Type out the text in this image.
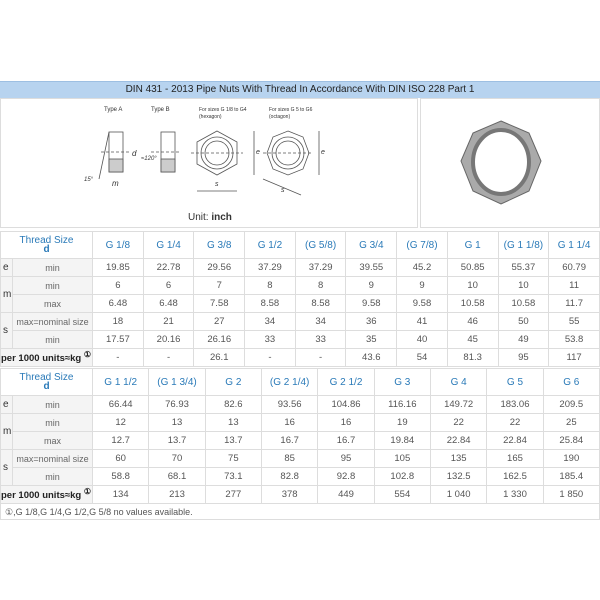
DIN 431 - 2013 Pipe Nuts With Thread In Accordance With DIN ISO 228 Part 1
Type A	Type B	For sizes G 1/8 to G4
(hexagon)
For sizes G 5 to G6
(octagon)
d
m
15°
≈120°
e	e
s
s
Unit: inch
Thread Size
d		G 1/8	G 1/4	G 3/8	G 1/2	(G 5/8)	G 3/4	(G 7/8)	G 1	(G 1 1/8)	G 1 1/4
e	min	19.85	22.78	29.56	37.29	37.29	39.55	45.2	50.85	55.37	60.79
m	min	6	6	7	8	8	9	9	10	10	11
	max	6.48	6.48	7.58	8.58	8.58	9.58	9.58	10.58	10.58	11.7
s	max=nominal size	18	21	27	34	34	36	41	46	50	55
	min	17.57	20.16	26.16	33	33	35	40	45	49	53.8
per 1000 units≈kg ①		-	-	26.1	-	-	43.6	54	81.3	95	117
Thread Size
d		G 1 1/2	(G 1 3/4)	G 2	(G 2 1/4)	G 2 1/2	G 3	G 4	G 5	G 6
e	min	66.44	76.93	82.6	93.56	104.86	116.16	149.72	183.06	209.5
m	min	12	13	13	16	16	19	22	22	25
	max	12.7	13.7	13.7	16.7	16.7	19.84	22.84	22.84	25.84
s	max=nominal size	60	70	75	85	95	105	135	165	190
	min	58.8	68.1	73.1	82.8	92.8	102.8	132.5	162.5	185.4
per 1000 units≈kg ①		134	213	277	378	449	554	1 040	1 330	1 850
①,G 1/8,G 1/4,G 1/2,G 5/8 no values available.
